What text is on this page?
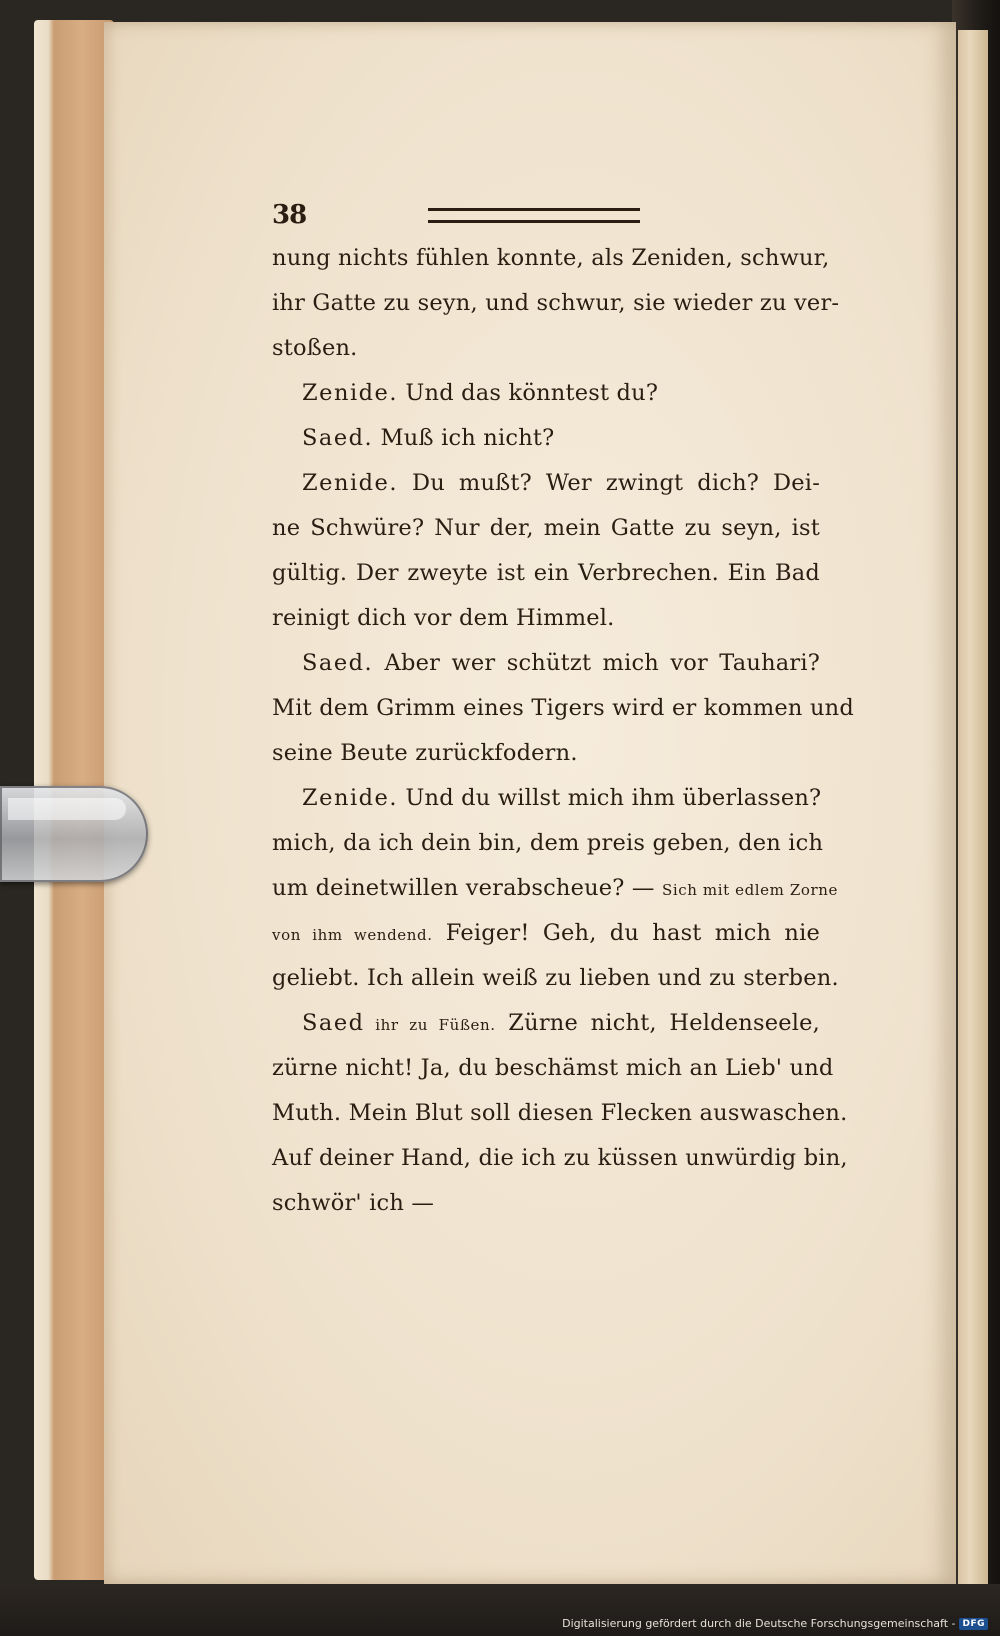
38
nung nichts fühlen konnte, als Zeniden, schwur,
ihr Gatte zu seyn, und schwur, sie wieder zu ver-
stoßen.
Zenide. Und das könntest du?
Saed. Muß ich nicht?
Zenide. Du mußt? Wer zwingt dich? Dei-
ne Schwüre? Nur der, mein Gatte zu seyn, ist
gültig. Der zweyte ist ein Verbrechen. Ein Bad
reinigt dich vor dem Himmel.
Saed. Aber wer schützt mich vor Tauhari?
Mit dem Grimm eines Tigers wird er kommen und
seine Beute zurückfodern.
Zenide. Und du willst mich ihm überlassen?
mich, da ich dein bin, dem preis geben, den ich
um deinetwillen verabscheue? — Sich mit edlem Zorne
von ihm wendend. Feiger! Geh, du hast mich nie
geliebt. Ich allein weiß zu lieben und zu sterben.
Saed ihr zu Füßen. Zürne nicht, Heldenseele,
zürne nicht! Ja, du beschämst mich an Lieb' und
Muth. Mein Blut soll diesen Flecken auswaschen.
Auf deiner Hand, die ich zu küssen unwürdig bin,
schwör' ich —
Digitalisierung gefördert durch die Deutsche Forschungsgemeinschaft - DFG
